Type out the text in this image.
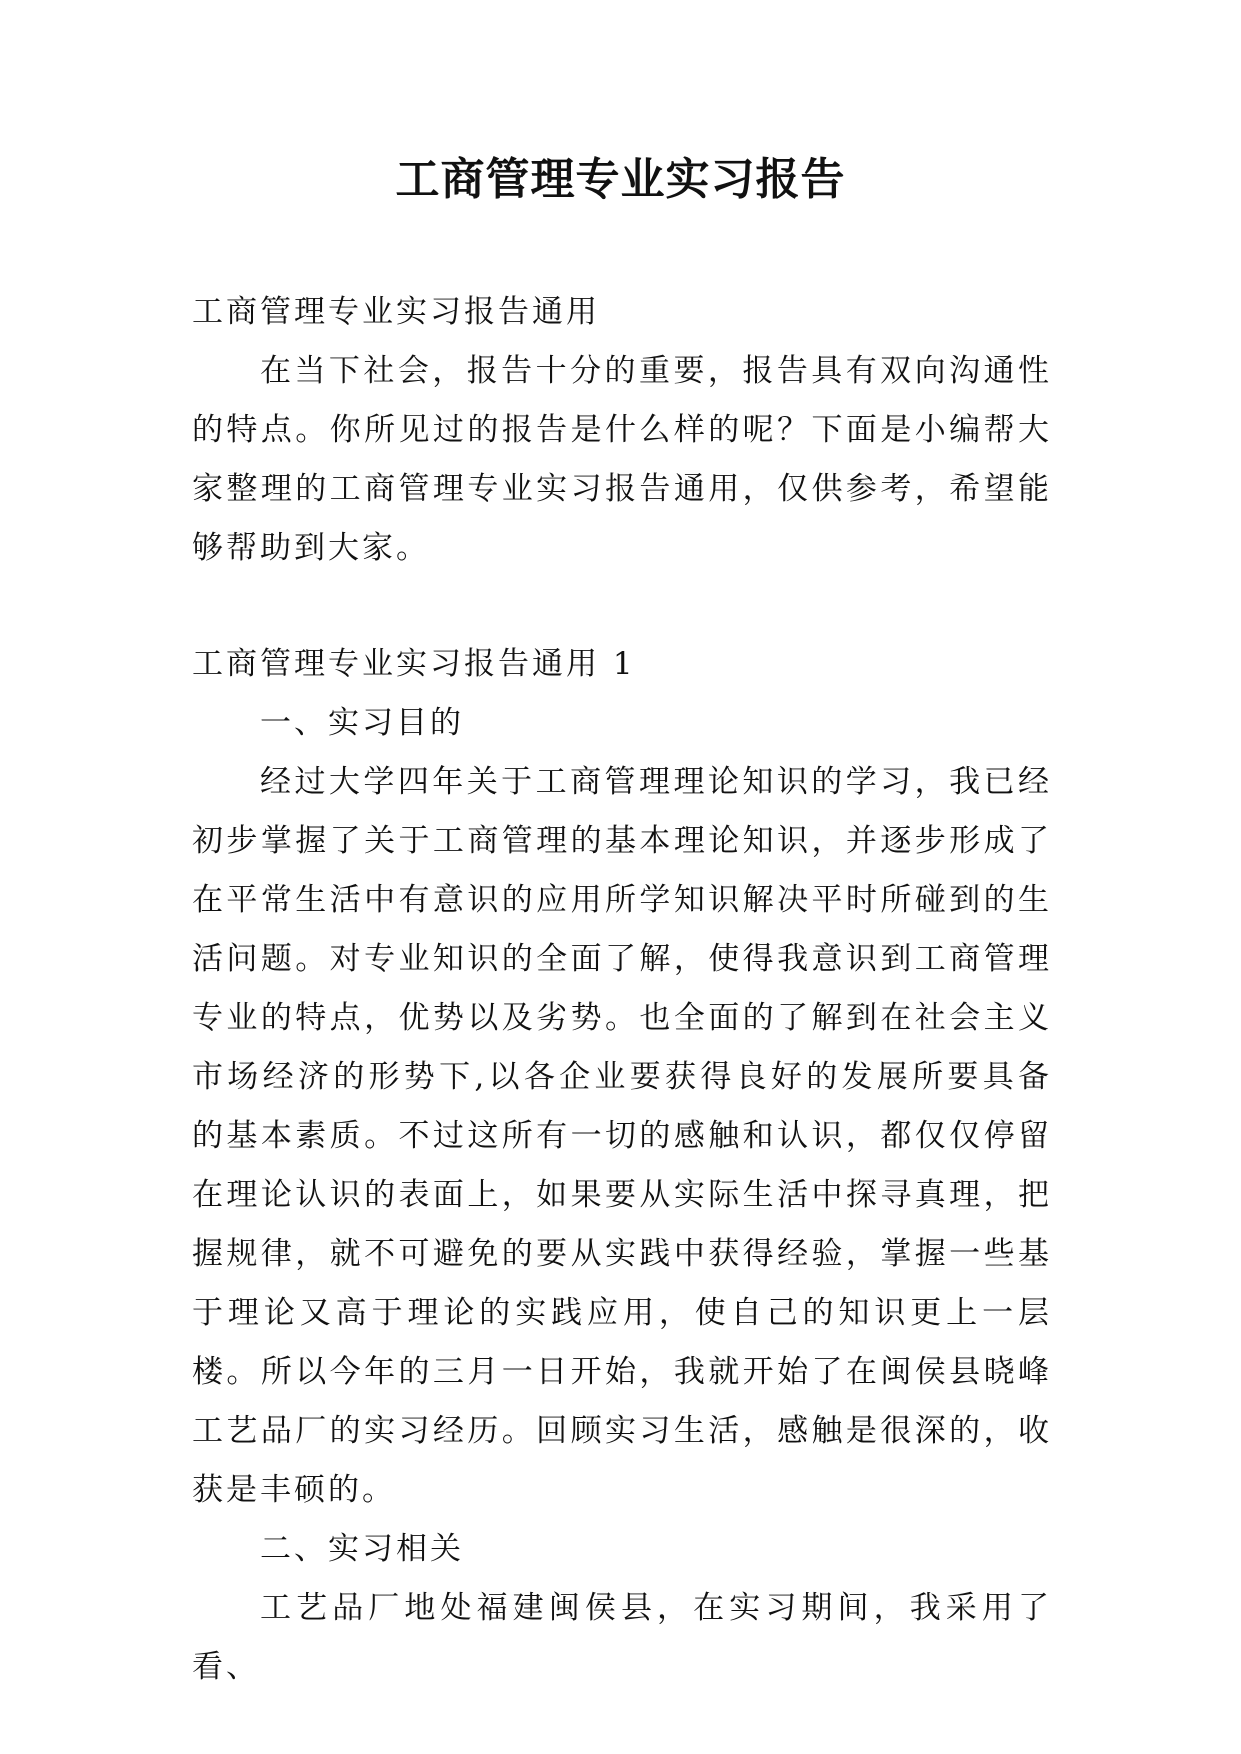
工商管理专业实习报告

工商管理专业实习报告通用

在当下社会，报告十分的重要，报告具有双向沟通性的特点。你所见过的报告是什么样的呢？下面是小编帮大家整理的工商管理专业实习报告通用，仅供参考，希望能够帮助到大家。

工商管理专业实习报告通用 1

一、实习目的

经过大学四年关于工商管理理论知识的学习，我已经初步掌握了关于工商管理的基本理论知识，并逐步形成了在平常生活中有意识的应用所学知识解决平时所碰到的生活问题。对专业知识的全面了解，使得我意识到工商管理专业的特点，优势以及劣势。也全面的了解到在社会主义市场经济的形势下,以各企业要获得良好的发展所要具备的基本素质。不过这所有一切的感触和认识，都仅仅停留在理论认识的表面上，如果要从实际生活中探寻真理，把握规律，就不可避免的要从实践中获得经验，掌握一些基于理论又高于理论的实践应用，使自己的知识更上一层楼。所以今年的三月一日开始，我就开始了在闽侯县晓峰工艺品厂的实习经历。回顾实习生活，感触是很深的，收获是丰硕的。

二、实习相关

工艺品厂地处福建闽侯县，在实习期间，我采用了看、
